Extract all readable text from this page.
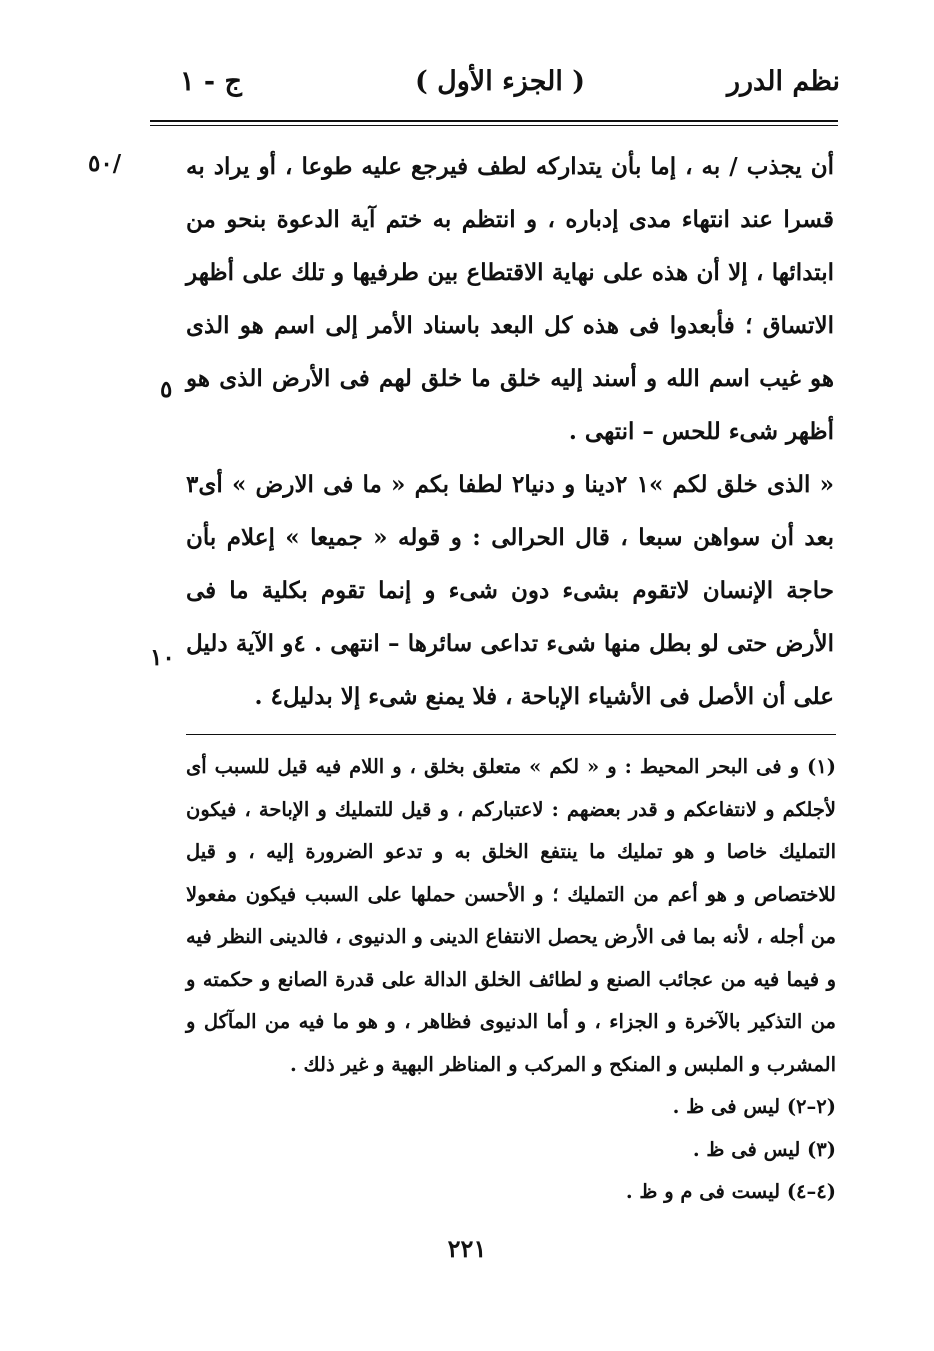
نظم الدرر
( الجزء الأول )
ج - ١
٥٠/
٥
١٠

أن يجذب / به ، إما بأن يتداركه لطف فيرجع عليه طوعا ، أو يراد به قسرا عند انتهاء مدى إدباره ، و انتظم به ختم آية الدعوة بنحو من ابتدائها ، إلا أن هذه على نهاية الاقتطاع بين طرفيها و تلك على أظهر الاتساق ؛ فأبعدوا فى هذه كل البعد باسناد الأمر إلى اسم هو الذى هو غيب اسم الله و أسند إليه خلق ما خلق لهم فى الأرض الذى هو أظهر شىء للحس – انتهى .

« الذى خلق لكم »١ ٢دينا و دنيا٢ لطفا بكم « ما فى الارض » أى٣ بعد أن سواهن سبعا ، قال الحرالى : و قوله « جميعا » إعلام بأن حاجة الإنسان لاتقوم بشىء دون شىء و إنما تقوم بكلية ما فى الأرض حتى لو بطل منها شىء تداعى سائرها – انتهى . ٤و الآية دليل على أن الأصل فى الأشياء الإباحة ، فلا يمنع شىء إلا بدليل٤ .

(١) و فى البحر المحيط : و « لكم » متعلق بخلق ، و اللام فيه قيل للسبب أى لأجلكم و لانتفاعكم و قدر بعضهم : لاعتباركم ، و قيل للتمليك و الإباحة ، فيكون التمليك خاصا و هو تمليك ما ينتفع الخلق به و تدعو الضرورة إليه ، و قيل للاختصاص و هو أعم من التمليك ؛ و الأحسن حملها على السبب فيكون مفعولا من أجله ، لأنه بما فى الأرض يحصل الانتفاع الدينى و الدنيوى ، فالدينى النظر فيه و فيما فيه من عجائب الصنع و لطائف الخلق الدالة على قدرة الصانع و حكمته و من التذكير بالآخرة و الجزاء ، و أما الدنيوى فظاهر ، و هو ما فيه من المآكل و المشرب و الملبس و المنكح و المركب و المناظر البهية و غير ذلك .

(٢–٢) ليس فى ظ .

(٣) ليس فى ظ .

(٤–٤) ليست فى م و ظ .

٢٢١
